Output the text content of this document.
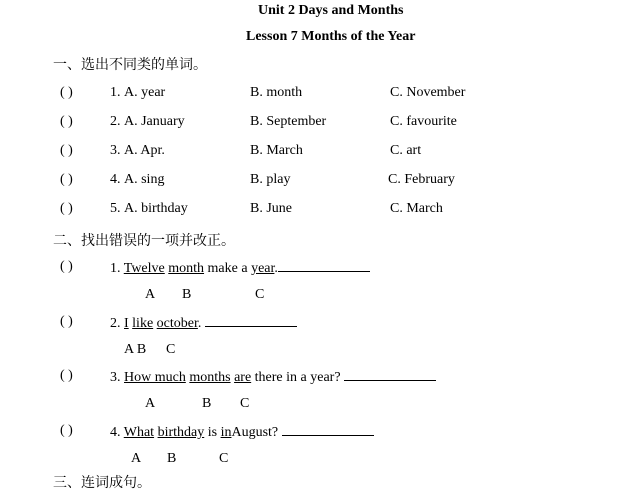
Unit 2 Days and Months
Lesson 7 Months of the Year
一、选出不同类的单词。
( )	1. A. year	B. month	C. November
( )	2. A. January	B. September	C. favourite
( )	3. A. Apr.	B. March	C. art
( )	4. A. sing	B. play	C. February
( )	5. A. birthday	B. June	C. March
二、找出错误的一项并改正。
( )	1. Twelve month make a year.
A B	C
( )	2. I like october.
A B C
( )	3. How much months are there in a year?
A	B C
( )	4. What birthday is inAugust?
A B	C
三、连词成句。
